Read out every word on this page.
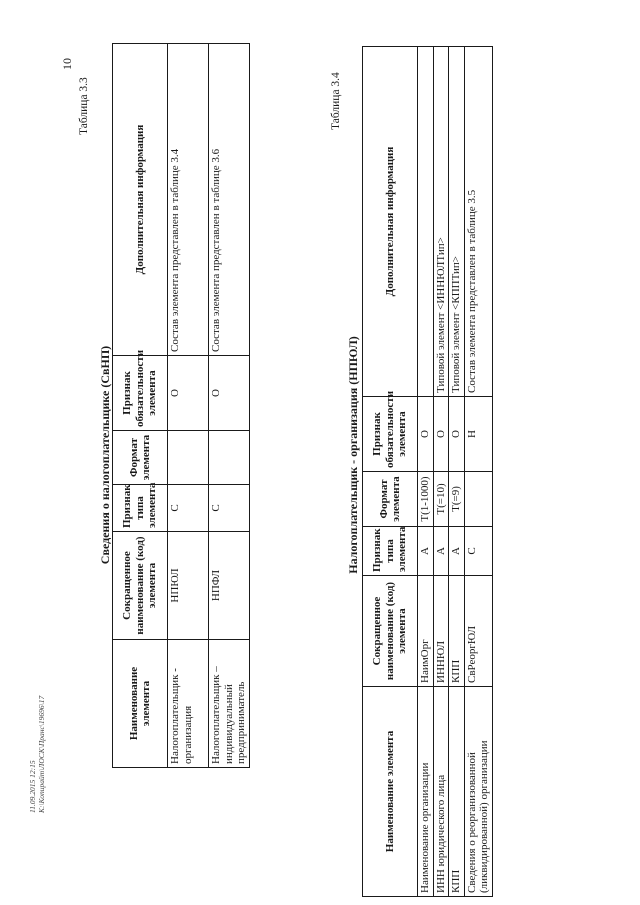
10
Таблица 3.3
Сведения о налогоплательщике (СвНП)
Наименование элемента	Сокращенное наименование (код) элемента	Признак типа элемента	Формат элемента	Признак обязательности элемента	Дополнительная информация
Налогоплательщик - организация	НПЮЛ	С		О	Состав элемента представлен в таблице 3.4
Налогоплательщик – индивидуальный предприниматель	НПФЛ	С		О	Состав элемента представлен в таблице 3.6
Таблица 3.4
Налогоплательщик - организация (НПЮЛ)
Наименование элемента	Сокращенное наименование (код) элемента	Признак типа элемента	Формат элемента	Признак обязательности элемента	Дополнительная информация
Наименование организации	НаимОрг	А	T(1-1000)	О	
ИНН юридического лица	ИННЮЛ	А	T(=10)	О	Типовой элемент <ИННЮЛТип>
КПП	КПП	А	T(=9)	О	Типовой элемент <КППТип>
Сведения о реорганизованной (ликвидированной) организации	СвРеоргЮЛ	С		Н	Состав элемента представлен в таблице 3.5
11.09.2015 12:15 К:\Копирайт\ЛОСК\Пранс\19696\17
